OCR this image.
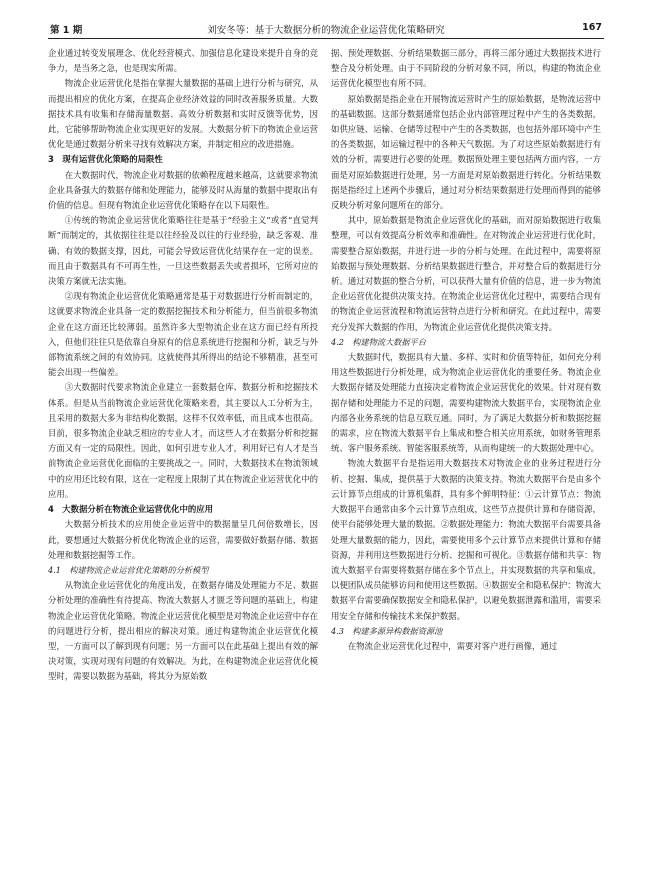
第 1 期	刘安冬等：基于大数据分析的物流企业运营优化策略研究	167

企业通过转变发展理念、优化经营模式、加强信息化建设来提升自身的竞争力，是当务之急，也是现实所需。

物流企业运营优化是指在掌握大量数据的基础上进行分析与研究，从而提出相应的优化方案，在提高企业经济效益的同时改善服务质量。大数据技术具有收集和存储海量数据、高效分析数据和实时反馈等优势，因此，它能够帮助物流企业实现更好的发展。大数据分析下的物流企业运营优化是通过数据分析来寻找有效解决方案，并制定相应的改进措施。

3　现有运营优化策略的局限性

在大数据时代，物流企业对数据的依赖程度越来越高，这就要求物流企业具备强大的数据存储和处理能力，能够及时从海量的数据中提取出有价值的信息。但现有物流企业运营优化策略存在以下局限性。

①传统的物流企业运营优化策略往往是基于“经验主义”或者“直觉判断”而制定的，其依据往往是以往经验及以往的行业经验，缺乏客观、准确、有效的数据支撑，因此，可能会导致运营优化结果存在一定的误差。而且由于数据具有不可再生性，一旦这些数据丢失或者损坏，它所对应的决策方案就无法实施。

②现有物流企业运营优化策略通常是基于对数据进行分析而制定的，这就要求物流企业具备一定的数据挖掘技术和分析能力，但当前很多物流企业在这方面还比较薄弱。虽然许多大型物流企业在这方面已经有所投入，但他们往往只是依靠自身原有的信息系统进行挖掘和分析，缺乏与外部物流系统之间的有效协同。这就使得其所得出的结论不够精准，甚至可能会出现一些偏差。

③大数据时代要求物流企业建立一套数据仓库、数据分析和挖掘技术体系。但是从当前物流企业运营优化策略来看，其主要以人工分析为主，且采用的数据大多为非结构化数据，这样不仅效率低，而且成本也很高。目前，很多物流企业缺乏相应的专业人才，而这些人才在数据分析和挖掘方面又有一定的局限性。因此，如何引进专业人才，利用好已有人才是当前物流企业运营优化面临的主要挑战之一。同时，大数据技术在物流领域中的应用还比较有限，这在一定程度上限制了其在物流企业运营优化中的应用。

4　大数据分析在物流企业运营优化中的应用

大数据分析技术的应用使企业运营中的数据量呈几何倍数增长，因此，要想通过大数据分析优化物流企业的运营，需要做好数据存储、数据处理和数据挖掘等工作。

4.1　构建物流企业运营优化策略的分析模型

从物流企业运营优化的角度出发，在数据存储及处理能力不足、数据分析处理的准确性有待提高、物流大数据人才匮乏等问题的基础上，构建物流企业运营优化策略。物流企业运营优化模型是对物流企业运营中存在的问题进行分析，提出相应的解决对策。通过构建物流企业运营优化模型，一方面可以了解到现有问题；另一方面可以在此基础上提出有效的解决对策，实现对现有问题的有效解决。为此，在构建物流企业运营优化模型时，需要以数据为基础，将其分为原始数

据、预处理数据、分析结果数据三部分，再将三部分通过大数据技术进行整合及分析处理。由于不同阶段的分析对象不同，所以，构建的物流企业运营优化模型也有所不同。

原始数据是指企业在开展物流运营时产生的原始数据，是物流运营中的基础数据。这部分数据通常包括企业内部管理过程中产生的各类数据，如供应链、运输、仓储等过程中产生的各类数据，也包括外部环境中产生的各类数据，如运输过程中的各种天气数据。为了对这些原始数据进行有效的分析，需要进行必要的处理。数据预处理主要包括两方面内容，一方面是对原始数据进行处理，另一方面是对原始数据进行转化。分析结果数据是指经过上述两个步骤后，通过对分析结果数据进行处理而得到的能够反映分析对象问题所在的部分。

其中，原始数据是物流企业运营优化的基础，而对原始数据进行收集整理，可以有效提高分析效率和准确性。在对物流企业运营进行优化时，需要整合原始数据，并进行进一步的分析与处理。在此过程中，需要将原始数据与预处理数据、分析结果数据进行整合，并对整合后的数据进行分析。通过对数据的整合分析，可以获得大量有价值的信息，进一步为物流企业运营优化提供决策支持。在物流企业运营优化过程中，需要结合现有的物流企业运营流程和物流运营特点进行分析和研究。在此过程中，需要充分发挥大数据的作用，为物流企业运营优化提供决策支持。

4.2　构建物流大数据平台

大数据时代，数据具有大量、多样、实时和价值等特征，如何充分利用这些数据进行分析处理，成为物流企业运营优化的重要任务。物流企业大数据存储及处理能力直接决定着物流企业运营优化的效果。针对现有数据存储和处理能力不足的问题，需要构建物流大数据平台，实现物流企业内部各业务系统的信息互联互通。同时，为了满足大数据分析和数据挖掘的需求，应在物流大数据平台上集成和整合相关应用系统，如财务管理系统、客户服务系统、智能客服系统等，从而构建统一的大数据处理中心。

物流大数据平台是指运用大数据技术对物流企业的业务过程进行分析、挖掘、集成，提供基于大数据的决策支持。物流大数据平台是由多个云计算节点组成的计算机集群，具有多个鲜明特征：①云计算节点：物流大数据平台通常由多个云计算节点组成，这些节点提供计算和存储资源，使平台能够处理大量的数据。②数据处理能力：物流大数据平台需要具备处理大量数据的能力，因此，需要使用多个云计算节点来提供计算和存储资源，并利用这些数据进行分析、挖掘和可视化。③数据存储和共享：物流大数据平台需要将数据存储在多个节点上，并实现数据的共享和集成，以便团队成员能够访问和使用这些数据。④数据安全和隐私保护：物流大数据平台需要确保数据安全和隐私保护，以避免数据泄露和滥用，需要采用安全存储和传输技术来保护数据。

4.3　构建多源异构数据资源池

在物流企业运营优化过程中，需要对客户进行画像，通过
